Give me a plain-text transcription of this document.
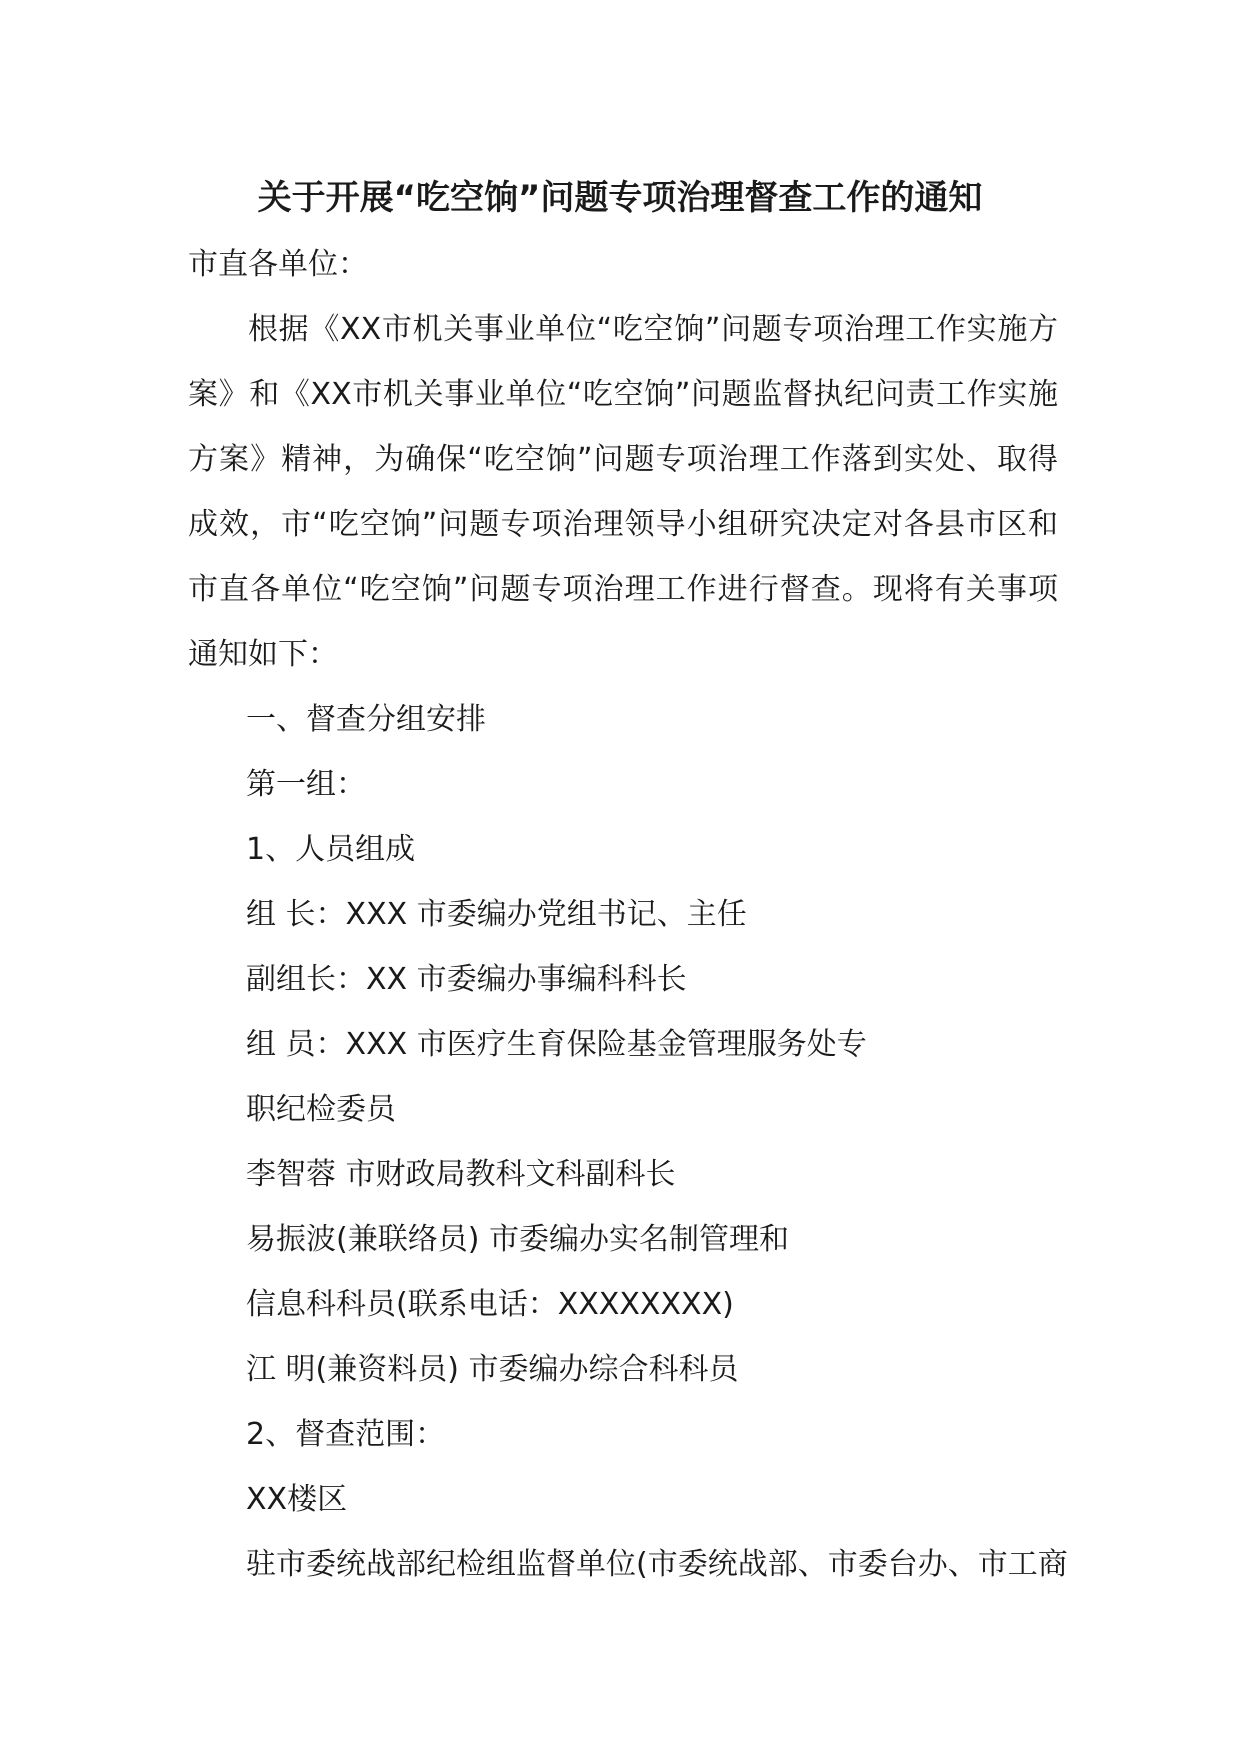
关于开展“吃空饷”问题专项治理督查工作的通知

市直各单位：

根据《XX市机关事业单位“吃空饷”问题专项治理工作实施方案》和《XX市机关事业单位“吃空饷”问题监督执纪问责工作实施方案》精神，为确保“吃空饷”问题专项治理工作落到实处、取得成效，市“吃空饷”问题专项治理领导小组研究决定对各县市区和市直各单位“吃空饷”问题专项治理工作进行督查。现将有关事项通知如下：

一、督查分组安排

第一组：

1、人员组成

组 长：XXX 市委编办党组书记、主任

副组长：XX 市委编办事编科科长

组 员：XXX 市医疗生育保险基金管理服务处专

职纪检委员

李智蓉 市财政局教科文科副科长

易振波(兼联络员) 市委编办实名制管理和

信息科科员(联系电话：XXXXXXXX)

江 明(兼资料员) 市委编办综合科科员

2、督查范围：

XX楼区

驻市委统战部纪检组监督单位(市委统战部、市委台办、市工商
